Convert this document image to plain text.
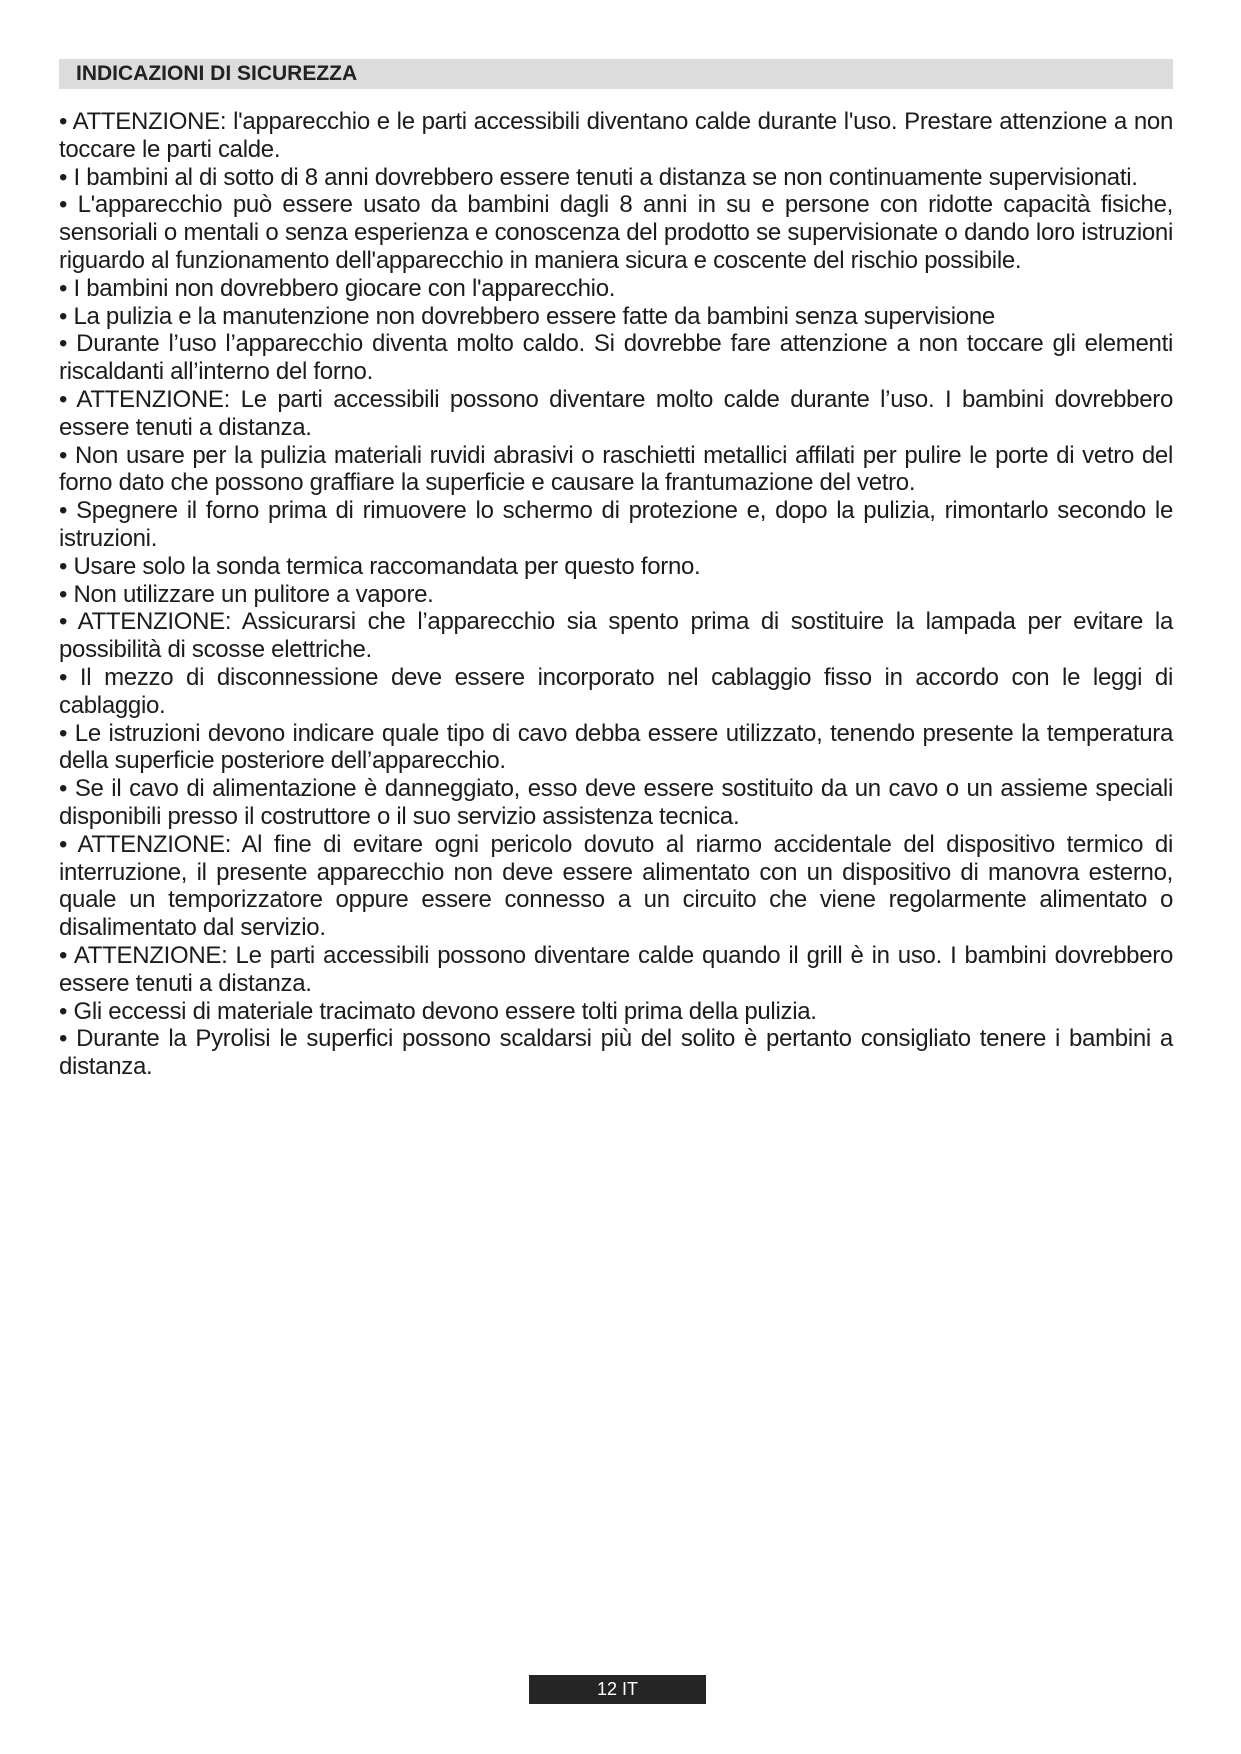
INDICAZIONI DI SICUREZZA

• ATTENZIONE: l'apparecchio e le parti accessibili diventano calde durante l'uso. Prestare attenzione a non toccare le parti calde.

• I bambini al di sotto di 8 anni dovrebbero essere tenuti a distanza se non continuamente supervisionati.

• L'apparecchio può essere usato da bambini dagli 8 anni in su e persone con ridotte capacità fisiche, sensoriali o mentali o senza esperienza e conoscenza del prodotto se supervisionate o dando loro istruzioni riguardo al funzionamento dell'apparecchio in maniera sicura e coscente del rischio possibile.

• I bambini non dovrebbero giocare con l'apparecchio.

• La pulizia e la manutenzione non dovrebbero essere fatte da bambini senza supervisione

• Durante l’uso l’apparecchio diventa molto caldo. Si dovrebbe fare attenzione a non toccare gli elementi riscaldanti all’interno del forno.

• ATTENZIONE: Le parti accessibili possono diventare molto calde durante l’uso. I bambini dovrebbero essere tenuti a distanza.

• Non usare per la pulizia materiali ruvidi abrasivi o raschietti metallici affilati per pulire le porte di vetro del forno dato che possono graffiare la superficie e causare la frantumazione del vetro.

• Spegnere il forno prima di rimuovere lo schermo di protezione e, dopo la pulizia, rimontarlo secondo le istruzioni.

• Usare solo la sonda termica raccomandata per questo forno.

• Non utilizzare un pulitore a vapore.

• ATTENZIONE: Assicurarsi che l’apparecchio sia spento prima di sostituire la lampada per evitare la possibilità di scosse elettriche.

• Il mezzo di disconnessione deve essere incorporato nel cablaggio fisso in accordo con le leggi di cablaggio.

• Le istruzioni devono indicare quale tipo di cavo debba essere utilizzato, tenendo presente la temperatura della superficie posteriore dell’apparecchio.

• Se il cavo di alimentazione è danneggiato, esso deve essere sostituito da un cavo o un assieme speciali disponibili presso il costruttore o il suo servizio assistenza tecnica.

• ATTENZIONE: Al fine di evitare ogni pericolo dovuto al riarmo accidentale del dispositivo termico di interruzione, il presente apparecchio non deve essere alimentato con un dispositivo di manovra esterno, quale un temporizzatore oppure essere connesso a un circuito che viene regolarmente alimentato o disalimentato dal servizio.

• ATTENZIONE: Le parti accessibili possono diventare calde quando il grill è in uso. I bambini dovrebbero essere tenuti a distanza.

• Gli eccessi di materiale tracimato devono essere tolti prima della pulizia.

• Durante la Pyrolisi le superfici possono scaldarsi più del solito è pertanto consigliato tenere i bambini a distanza.

12 IT
